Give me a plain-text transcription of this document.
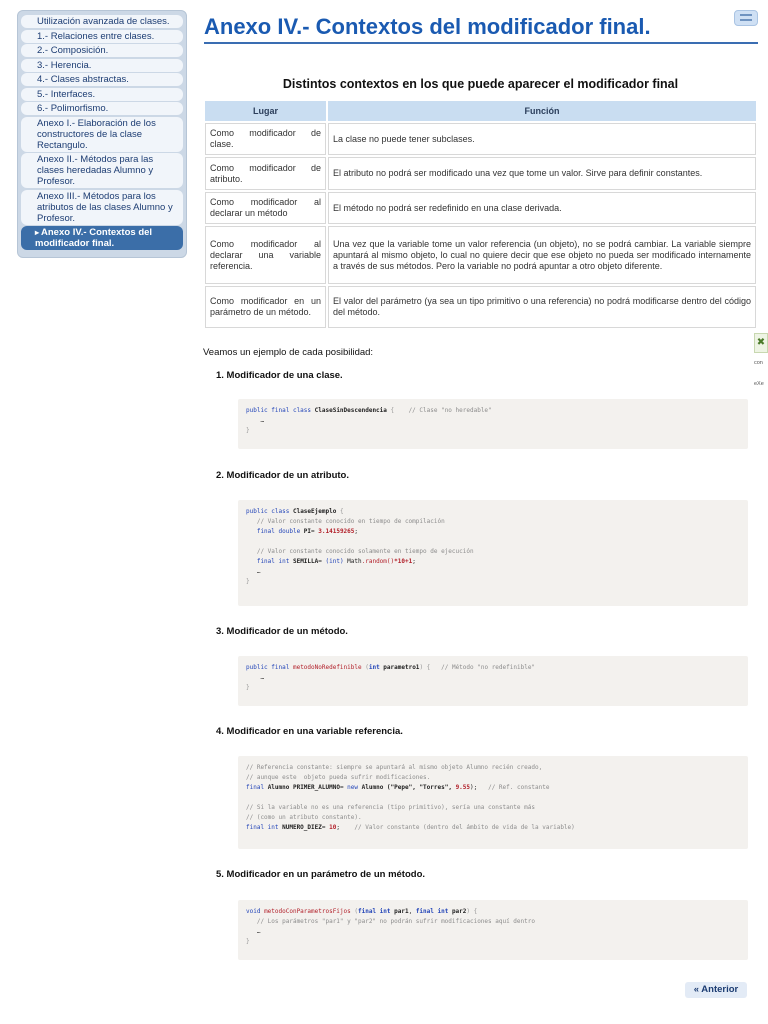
Utilización avanzada de clases.
1.- Relaciones entre clases.
2.- Composición.
3.- Herencia.
4.- Clases abstractas.
5.- Interfaces.
6.- Polimorfismo.
Anexo I.- Elaboración de los constructores de la clase Rectangulo.
Anexo II.- Métodos para las clases heredadas Alumno y Profesor.
Anexo III.- Métodos para los atributos de las clases Alumno y Profesor.
▸ Anexo IV.- Contextos del modificador final.
Anexo IV.- Contextos del modificador final.
Distintos contextos en los que puede aparecer el modificador final
Lugar	Función
Como modificador de clase.	La clase no puede tener subclases.
Como modificador de atributo.	El atributo no podrá ser modificado una vez que tome un valor. Sirve para definir constantes.
Como modificador al declarar un método	El método no podrá ser redefinido en una clase derivada.
Como modificador al declarar una variable referencia.	Una vez que la variable tome un valor referencia (un objeto), no se podrá cambiar. La variable siempre apuntará al mismo objeto, lo cual no quiere decir que ese objeto no pueda ser modificado internamente a través de sus métodos. Pero la variable no podrá apuntar a otro objeto diferente.
Como modificador en un parámetro de un método.	El valor del parámetro (ya sea un tipo primitivo o una referencia) no podrá modificarse dentro del código del método.

Veamos un ejemplo de cada posibilidad:

1. Modificador de una clase.

public final class ClaseSinDescendencia {    // Clase "no heredable"
…
}

2. Modificador de un atributo.

public class ClaseEjemplo {
// Valor constante conocido en tiempo de compilación
final double PI= 3.14159265;

// Valor constante conocido solamente en tiempo de ejecución
final int SEMILLA= (int) Math.random()*10+1;
…
}

3. Modificador de un método.

public final metodoNoRedefinible (int parametro1) {   // Método "no redefinible"
…
}

4. Modificador en una variable referencia.

// Referencia constante: siempre se apuntará al mismo objeto Alumno recién creado,
// aunque este  objeto pueda sufrir modificaciones.
final Alumno PRIMER_ALUMNO= new Alumno ("Pepe", "Torres", 9.55);   // Ref. constante

// Si la variable no es una referencia (tipo primitivo), sería una constante más
// (como un atributo constante).
final int NUMERO_DIEZ= 10;    // Valor constante (dentro del ámbito de vida de la variable)

5. Modificador en un parámetro de un método.

void metodoConParametrosFijos (final int par1, final int par2) {
// Los parámetros "par1" y "par2" no podrán sufrir modificaciones aquí dentro
…
}
« Anterior
✖
con
eXe
